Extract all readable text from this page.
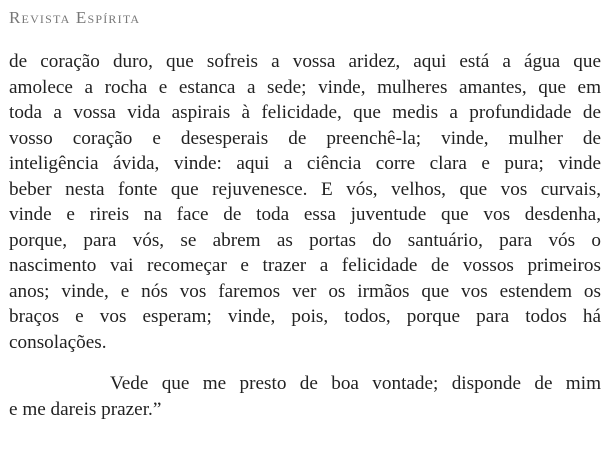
Revista Espírita
de coração duro, que sofreis a vossa aridez, aqui está a água que
amolece a rocha e estanca a sede; vinde, mulheres amantes, que em
toda a vossa vida aspirais à felicidade, que medis a profundidade de
vosso coração e desesperais de preenchê-la; vinde, mulher de
inteligência ávida, vinde: aqui a ciência corre clara e pura; vinde
beber nesta fonte que rejuvenesce. E vós, velhos, que vos curvais,
vinde e rireis na face de toda essa juventude que vos desdenha,
porque, para vós, se abrem as portas do santuário, para vós o
nascimento vai recomeçar e trazer a felicidade de vossos primeiros
anos; vinde, e nós vos faremos ver os irmãos que vos estendem os
braços e vos esperam; vinde, pois, todos, porque para todos há
consolações.
Vede que me presto de boa vontade; disponde de mim
e me dareis prazer.”
